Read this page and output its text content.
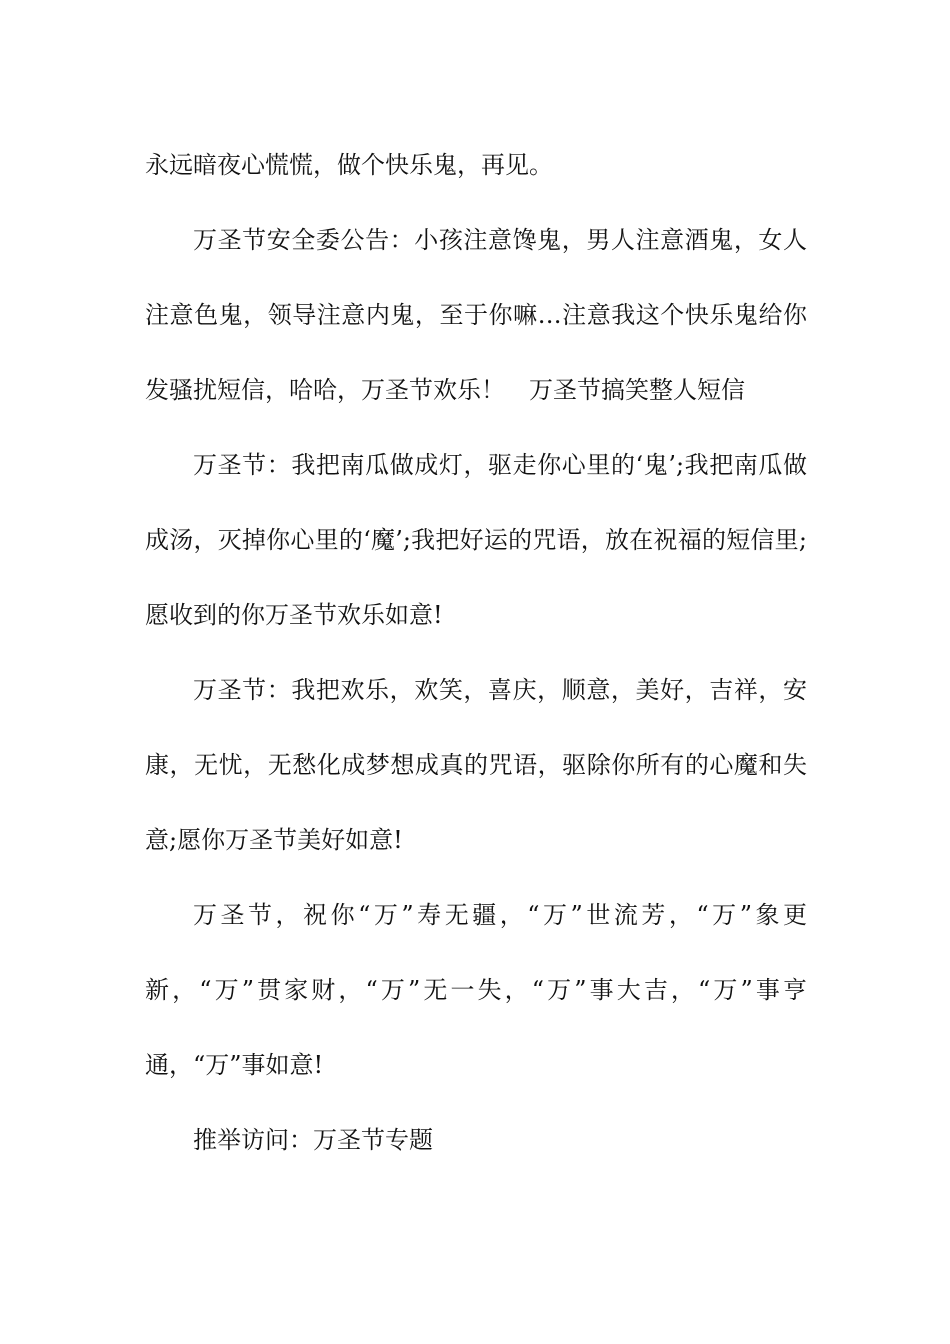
永远暗夜心慌慌，做个快乐鬼，再见。

万圣节安全委公告：小孩注意馋鬼，男人注意酒鬼，女人注意色鬼，领导注意内鬼，至于你嘛…注意我这个快乐鬼给你发骚扰短信，哈哈，万圣节欢乐！　万圣节搞笑整人短信

万圣节：我把南瓜做成灯，驱走你心里的‘鬼’;我把南瓜做成汤，灭掉你心里的‘魔’;我把好运的咒语，放在祝福的短信里;愿收到的你万圣节欢乐如意!

万圣节：我把欢乐，欢笑，喜庆，顺意，美好，吉祥，安康，无忧，无愁化成梦想成真的咒语，驱除你所有的心魔和失意;愿你万圣节美好如意!

万圣节，祝你“万”寿无疆，“万”世流芳，“万”象更新，“万”贯家财，“万”无一失，“万”事大吉，“万”事亨通，“万”事如意!

推举访问：万圣节专题
